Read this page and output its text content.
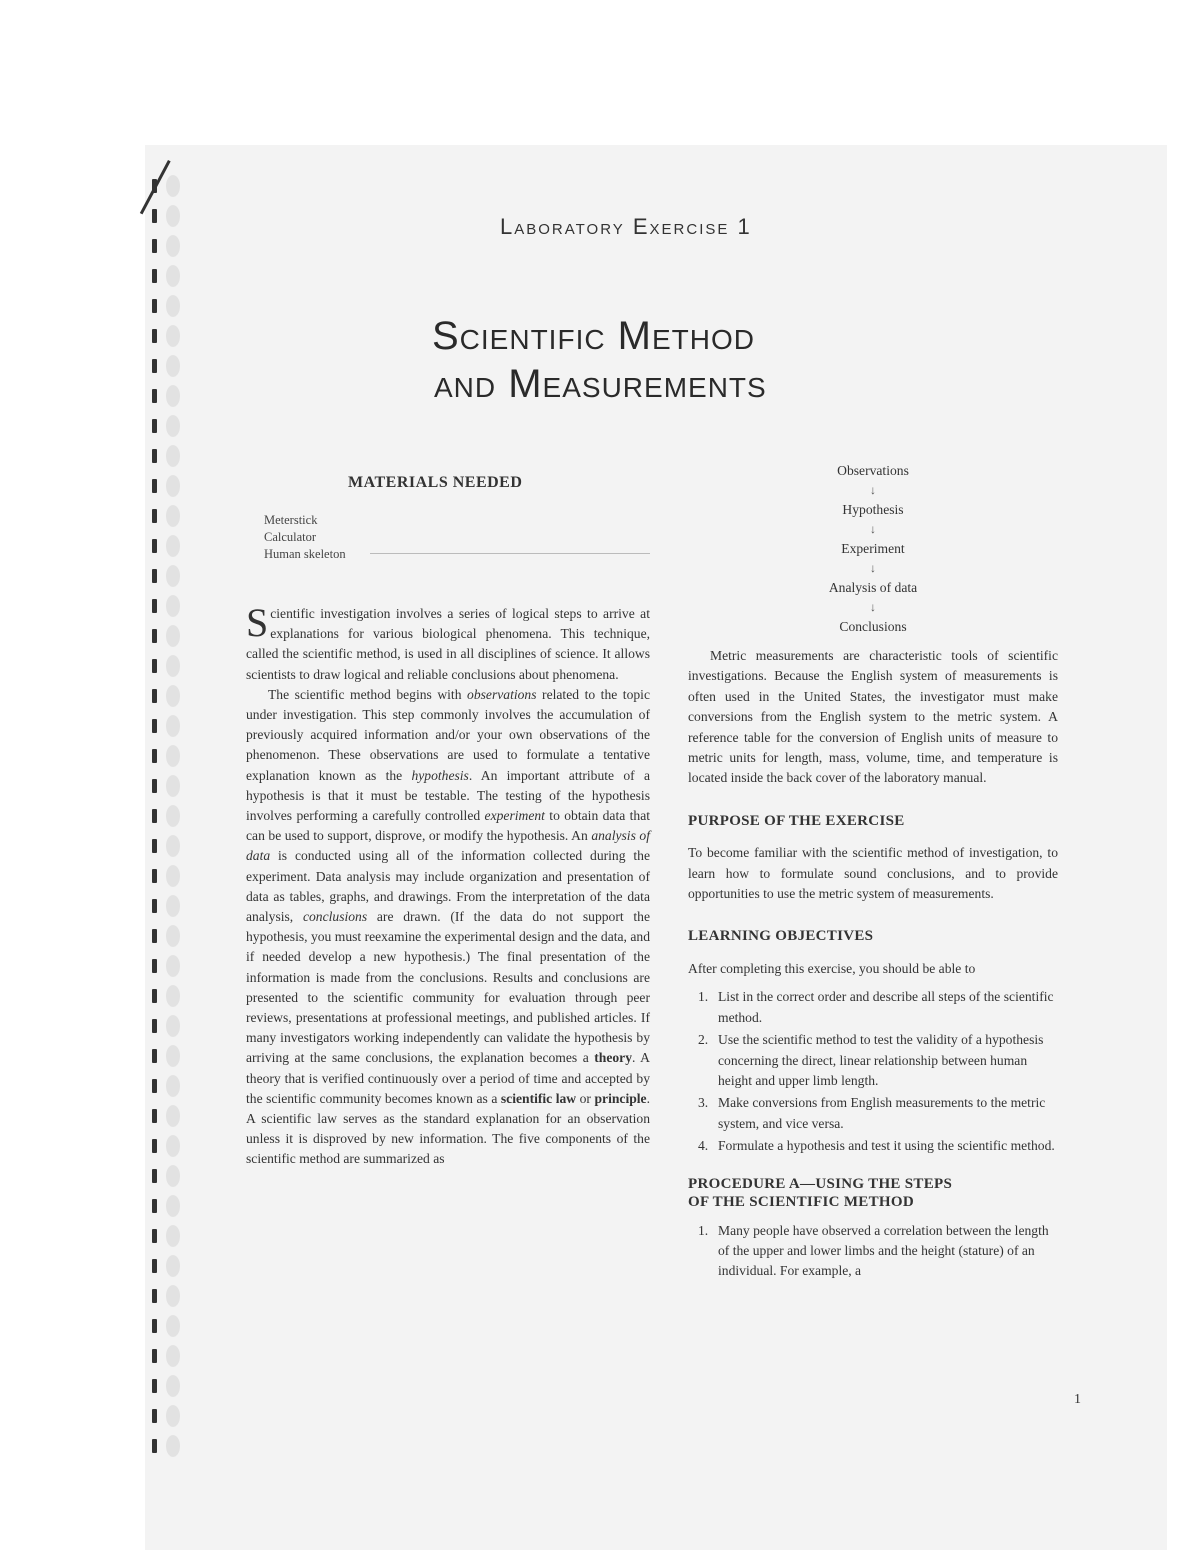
Laboratory Exercise 1
Scientific Method
and Measurements
MATERIALS NEEDED
Meterstick
Calculator
Human skeleton

Scientific investigation involves a series of logical steps to arrive at explanations for various biological phenomena. This technique, called the scientific method, is used in all disciplines of science. It allows scientists to draw logical and reliable conclusions about phenomena.

The scientific method begins with observations related to the topic under investigation. This step commonly involves the accumulation of previously acquired information and/or your own observations of the phenomenon. These observations are used to formulate a tentative explanation known as the hypothesis. An important attribute of a hypothesis is that it must be testable. The testing of the hypothesis involves performing a carefully controlled experiment to obtain data that can be used to support, disprove, or modify the hypothesis. An analysis of data is conducted using all of the information collected during the experiment. Data analysis may include organization and presentation of data as tables, graphs, and drawings. From the interpretation of the data analysis, conclusions are drawn. (If the data do not support the hypothesis, you must reexamine the experimental design and the data, and if needed develop a new hypothesis.) The final presentation of the information is made from the conclusions. Results and conclusions are presented to the scientific community for evaluation through peer reviews, presentations at professional meetings, and published articles. If many investigators working independently can validate the hypothesis by arriving at the same conclusions, the explanation becomes a theory. A theory that is verified continuously over a period of time and accepted by the scientific community becomes known as a scientific law or principle. A scientific law serves as the standard explanation for an observation unless it is disproved by new information. The five components of the scientific method are summarized as

Observations
↓
Hypothesis
↓
Experiment
↓
Analysis of data
↓
Conclusions

Metric measurements are characteristic tools of scientific investigations. Because the English system of measurements is often used in the United States, the investigator must make conversions from the English system to the metric system. A reference table for the conversion of English units of measure to metric units for length, mass, volume, time, and temperature is located inside the back cover of the laboratory manual.

PURPOSE OF THE EXERCISE

To become familiar with the scientific method of investigation, to learn how to formulate sound conclusions, and to provide opportunities to use the metric system of measurements.

LEARNING OBJECTIVES

After completing this exercise, you should be able to

1. List in the correct order and describe all steps of the scientific method.
2. Use the scientific method to test the validity of a hypothesis concerning the direct, linear relationship between human height and upper limb length.
3. Make conversions from English measurements to the metric system, and vice versa.
4. Formulate a hypothesis and test it using the scientific method.
PROCEDURE A—USING THE STEPS
OF THE SCIENTIFIC METHOD
1. Many people have observed a correlation between the length of the upper and lower limbs and the height (stature) of an individual. For example, a
1
